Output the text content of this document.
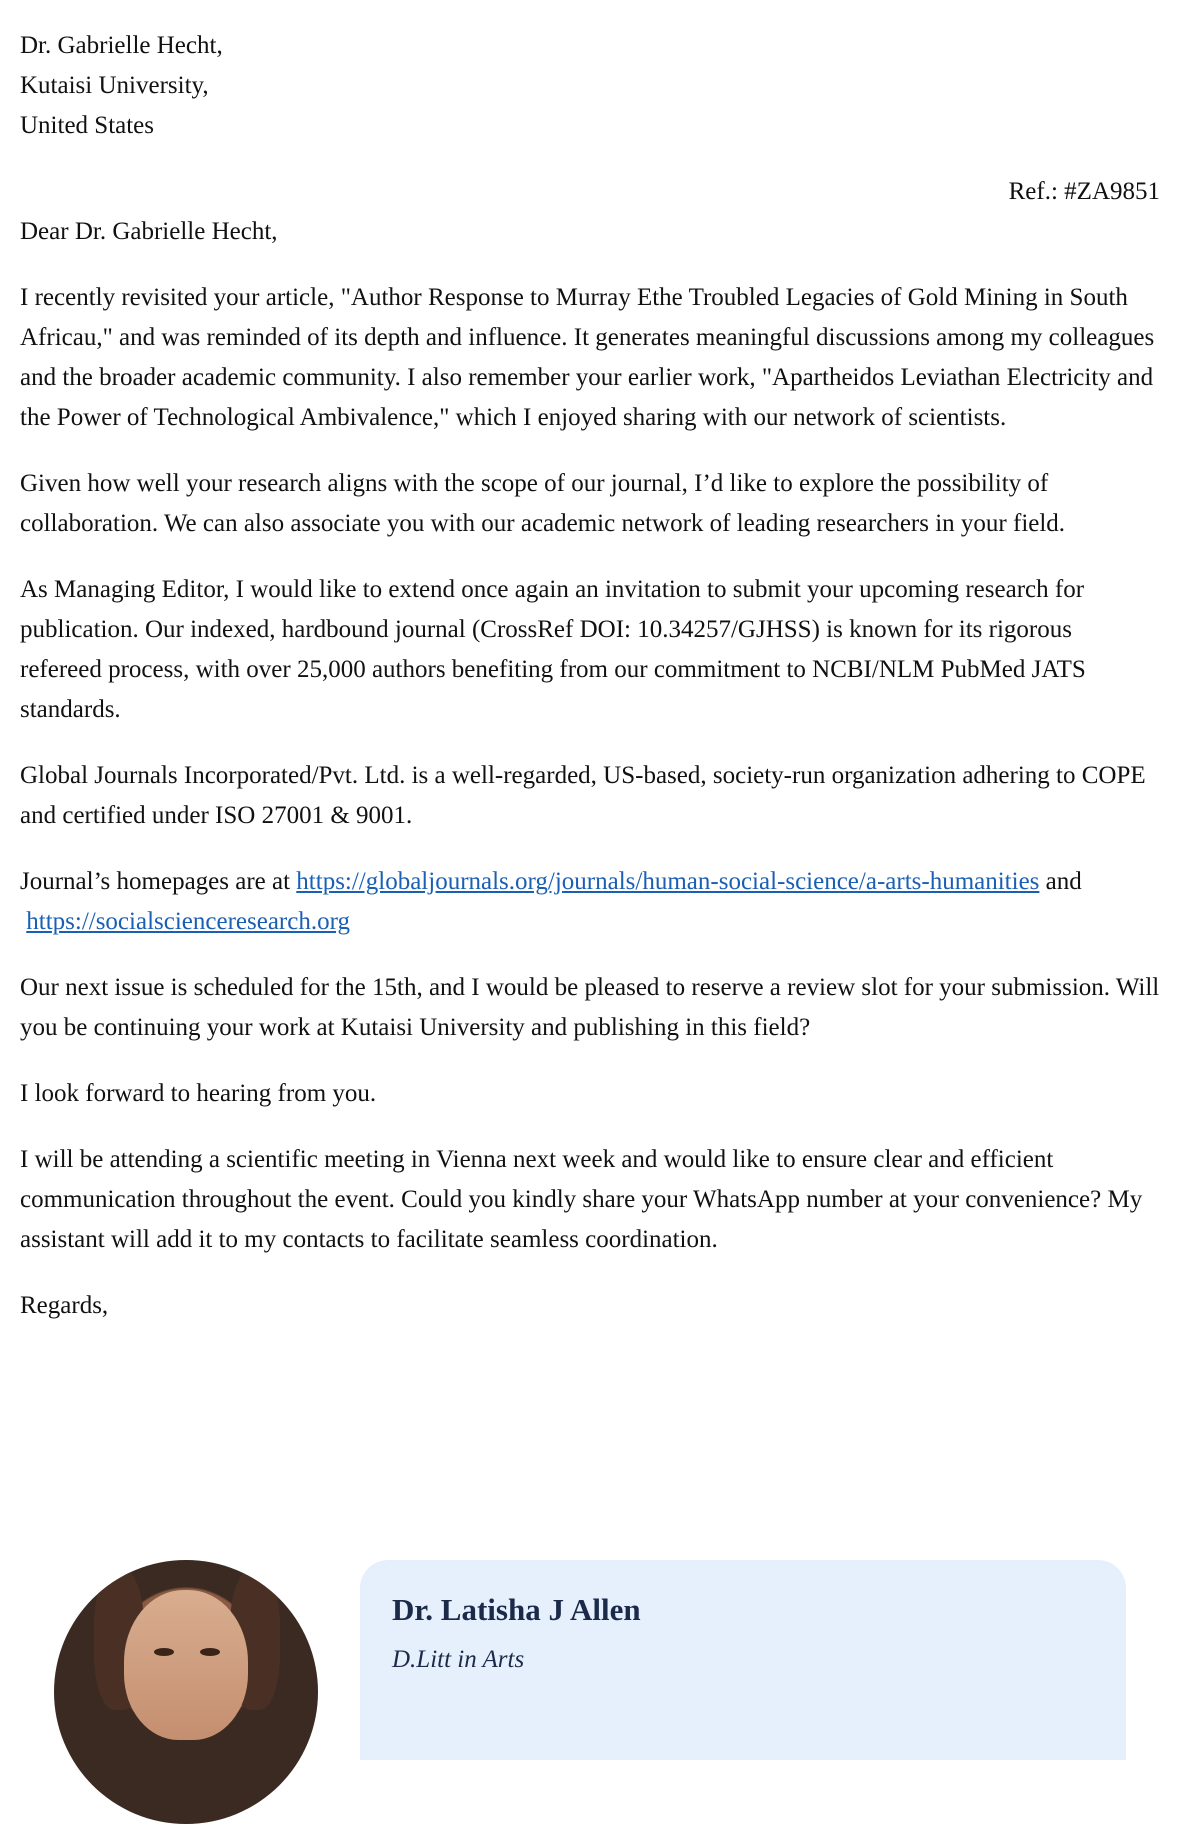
Dr. Gabrielle Hecht,
Kutaisi University,
United States
Ref.: #ZA9851

Dear Dr. Gabrielle Hecht,

I recently revisited your article, "Author Response to Murray Ethe Troubled Legacies of Gold Mining in South Africau," and was reminded of its depth and influence. It generates meaningful discussions among my colleagues and the broader academic community. I also remember your earlier work, "Apartheidos Leviathan Electricity and the Power of Technological Ambivalence," which I enjoyed sharing with our network of scientists.

Given how well your research aligns with the scope of our journal, I’d like to explore the possibility of collaboration. We can also associate you with our academic network of leading researchers in your field.

As Managing Editor, I would like to extend once again an invitation to submit your upcoming research for publication. Our indexed, hardbound journal (CrossRef DOI: 10.34257/GJHSS) is known for its rigorous refereed process, with over 25,000 authors benefiting from our commitment to NCBI/NLM PubMed JATS standards.

Global Journals Incorporated/Pvt. Ltd. is a well-regarded, US-based, society-run organization adhering to COPE and certified under ISO 27001 & 9001.

Journal’s homepages are at https://globaljournals.org/journals/human-social-science/a-arts-humanities and  https://socialscienceresearch.org

Our next issue is scheduled for the 15th, and I would be pleased to reserve a review slot for your submission. Will you be continuing your work at Kutaisi University and publishing in this field?

I look forward to hearing from you.

I will be attending a scientific meeting in Vienna next week and would like to ensure clear and efficient communication throughout the event. Could you kindly share your WhatsApp number at your convenience? My assistant will add it to my contacts to facilitate seamless coordination.

Regards,

Dr. Latisha J Allen
D.Litt in Arts
